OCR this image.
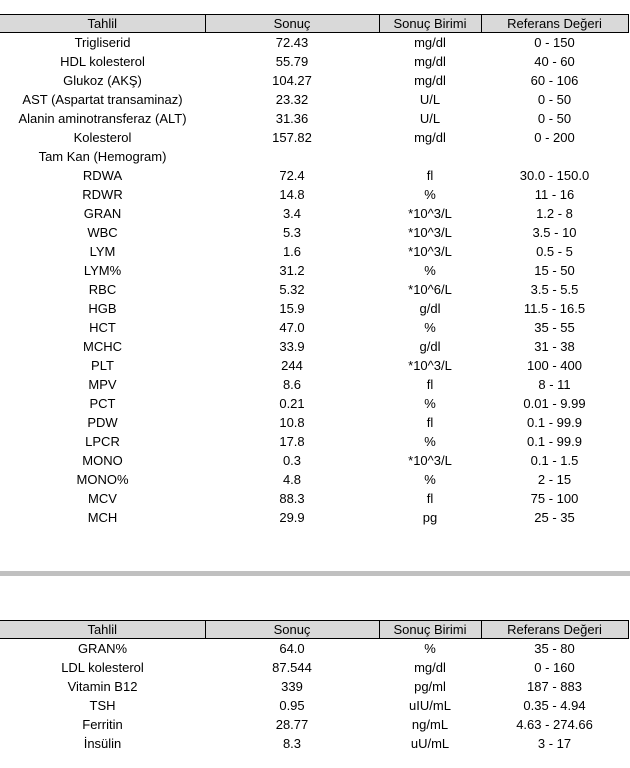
Tahlil	Sonuç	Sonuç Birimi	Referans Değeri
Trigliserid	72.43	mg/dl	0 - 150
HDL kolesterol	55.79	mg/dl	40 - 60
Glukoz (AKŞ)	104.27	mg/dl	60 - 106
AST (Aspartat transaminaz)	23.32	U/L	0 - 50
Alanin aminotransferaz (ALT)	31.36	U/L	0 - 50
Kolesterol	157.82	mg/dl	0 - 200
Tam Kan (Hemogram)			
RDWA	72.4	fl	30.0 - 150.0
RDWR	14.8	%	11 - 16
GRAN	3.4	*10^3/L	1.2 - 8
WBC	5.3	*10^3/L	3.5 - 10
LYM	1.6	*10^3/L	0.5 - 5
LYM%	31.2	%	15 - 50
RBC	5.32	*10^6/L	3.5 - 5.5
HGB	15.9	g/dl	11.5 - 16.5
HCT	47.0	%	35 - 55
MCHC	33.9	g/dl	31 - 38
PLT	244	*10^3/L	100 - 400
MPV	8.6	fl	8 - 11
PCT	0.21	%	0.01 - 9.99
PDW	10.8	fl	0.1 - 99.9
LPCR	17.8	%	0.1 - 99.9
MONO	0.3	*10^3/L	0.1 - 1.5
MONO%	4.8	%	2 - 15
MCV	88.3	fl	75 - 100
MCH	29.9	pg	25 - 35
Tahlil	Sonuç	Sonuç Birimi	Referans Değeri
GRAN%	64.0	%	35 - 80
LDL kolesterol	87.544	mg/dl	0 - 160
Vitamin B12	339	pg/ml	187 - 883
TSH	0.95	uIU/mL	0.35 - 4.94
Ferritin	28.77	ng/mL	4.63 - 274.66
İnsülin	8.3	uU/mL	3 - 17
